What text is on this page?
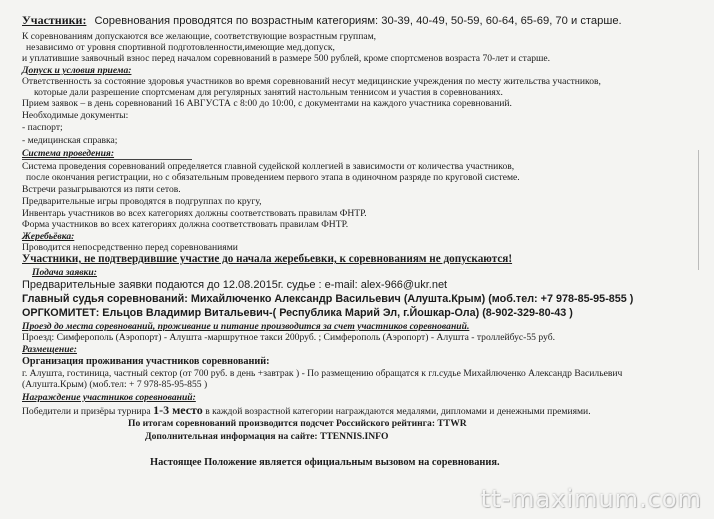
Участники: Соревнования проводятся по возрастным категориям: 30-39, 40-49, 50-59, 60-64, 65-69, 70 и старше.
К соревнованиям допускаются все желающие, соответствующие возрастным группам,
независимо от уровня спортивной подготовленности,имеющие мед.допуск,
и уплатившие заявочный взнос перед началом соревнований в размере 500 рублей, кроме спортсменов возраста 70-лет и старше.
Допуск и условия приема:
Ответственность за состояние здоровья участников во время соревнований несут медицинские учреждения по месту жительства участников,
которые дали разрешение спортсменам для регулярных занятий настольным теннисом и участия в соревнованиях.
Прием заявок – в день соревнований 16 АВГУСТА с 8:00 до 10:00, с документами на каждого участника соревнований.
Необходимые документы:
- паспорт;
- медицинская справка;
Система проведения:
Система проведения соревнований определяется главной судейской коллегией в зависимости от количества участников,
после окончания регистрации, но с обязательным проведением первого этапа в одиночном разряде по круговой системе.
Встречи разыгрываются из пяти сетов.
Предварительные игры проводятся в подгруппах по кругу,
Инвентарь участников во всех категориях должны соответствовать правилам ФНТР.
Форма участников во всех категориях должна соответствовать правилам ФНТР.
Жеребьёвка:
Проводится непосредственно перед соревнованиями
Участники, не подтвердившие участие до начала жеребьевки, к соревнованиям не допускаются!
Подача заявки:
Предварительные заявки подаются до 12.08.2015г. судье : e-mail: alex-966@ukr.net
Главный судья соревнований: Михайлюченко Александр Васильевич (Алушта.Крым) (моб.тел: +7 978-85-95-855 )
ОРГКОМИТЕТ: Ельцов Владимир Витальевич-( Республика Марий Эл, г.Йошкар-Ола) (8-902-329-80-43 )
Проезд до места соревнований, проживание и питание производится за счет участников соревнований.
Проезд: Симферополь (Аэропорт) - Алушта -маршрутное такси 200руб. ; Симферополь (Аэропорт) - Алушта - троллейбус-55 руб.
Размещение:
Организация проживания участников соревнований:
г. Алушта, гостиница, частный сектор (от 700 руб. в день +завтрак ) - По размещению обращатся к гл.судье Михайлюченко Александр Васильевич
(Алушта.Крым) (моб.тел: + 7 978-85-95-855 )
Награждение участников соревнований:
Победители и призёры турнира 1-3 место в каждой возрастной категории награждаются медалями, дипломами и денежными премиями.
По итогам соревнований производится подсчет Российского рейтинга: TTWR
Дополнительная информация на сайте: TTENNIS.INFO
Настоящее Положение является официальным вызовом на соревнования.
tt-maximum.com
